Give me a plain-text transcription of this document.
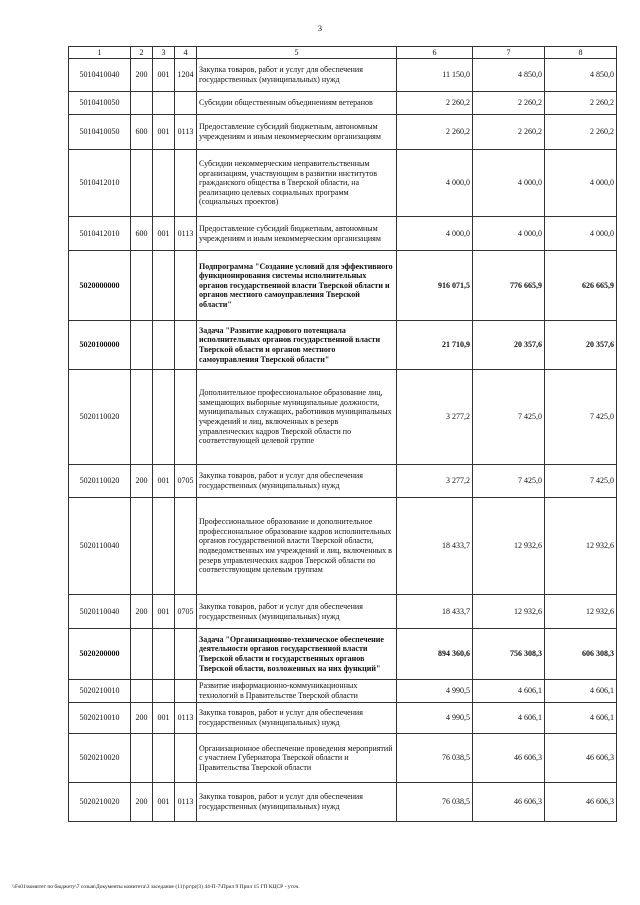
3
1	2	3	4	5	6	7	8
5010410040	200	001	1204	Закупка товаров, работ и услуг для обеспечения государственных (муниципальных) нужд	11 150,0	4 850,0	4 850,0
5010410050				Субсидии общественным объединениям ветеранов	2 260,2	2 260,2	2 260,2
5010410050	600	001	0113	Предоставление субсидий бюджетным, автономным учреждениям и иным некоммерческим организациям	2 260,2	2 260,2	2 260,2
5010412010				Субсидии некоммерческим неправительственным организациям, участвующим в развитии институтов гражданского общества в Тверской области, на реализацию целевых социальных программ (социальных проектов)	4 000,0	4 000,0	4 000,0
5010412010	600	001	0113	Предоставление субсидий бюджетным, автономным учреждениям и иным некоммерческим организациям	4 000,0	4 000,0	4 000,0
5020000000				Подпрограмма "Создание условий для эффективного функционирования системы исполнительных органов государственной власти Тверской области и органов местного самоуправления Тверской области"	916 071,5	776 665,9	626 665,9
5020100000				Задача "Развитие кадрового потенциала исполнительных органов государственной власти Тверской области и органов местного самоуправления Тверской области"	21 710,9	20 357,6	20 357,6
5020110020				Дополнительное профессиональное образование лиц, замещающих выборные муниципальные должности, муниципальных служащих, работников муниципальных учреждений и лиц, включенных в резерв управленческих кадров Тверской области по соответствующей целевой группе	3 277,2	7 425,0	7 425,0
5020110020	200	001	0705	Закупка товаров, работ и услуг для обеспечения государственных (муниципальных) нужд	3 277,2	7 425,0	7 425,0
5020110040				Профессиональное образование и дополнительное профессиональное образование кадров исполнительных органов государственной власти Тверской области, подведомственных им учреждений и лиц, включенных в резерв управленческих кадров Тверской области по соответствующим целевым группам	18 433,7	12 932,6	12 932,6
5020110040	200	001	0705	Закупка товаров, работ и услуг для обеспечения государственных (муниципальных) нужд	18 433,7	12 932,6	12 932,6
5020200000				Задача "Организационно-техническое обеспечение деятельности органов государственной власти Тверской области и государственных органов Тверской области, возложенных на них функций"	894 360,6	756 308,3	606 308,3
5020210010				Развитие информационно-коммуникационных технологий в Правительстве Тверской области	4 990,5	4 606,1	4 606,1
5020210010	200	001	0113	Закупка товаров, работ и услуг для обеспечения государственных (муниципальных) нужд	4 990,5	4 606,1	4 606,1
5020210020				Организационное обеспечение проведения мероприятий с участием Губернатора Тверской области и Правительства Тверской области	76 038,5	46 606,3	46 606,3
5020210020	200	001	0113	Закупка товаров, работ и услуг для обеспечения государственных (муниципальных) нужд	76 038,5	46 606,3	46 606,3
\\Fs01\комитет по бюджету\7 созыв\Документы комитета\3 заседание (11)\pr\pr(3) 44-П-7\Прил 9 Прил 15 ГП КЦСР - уточ.
